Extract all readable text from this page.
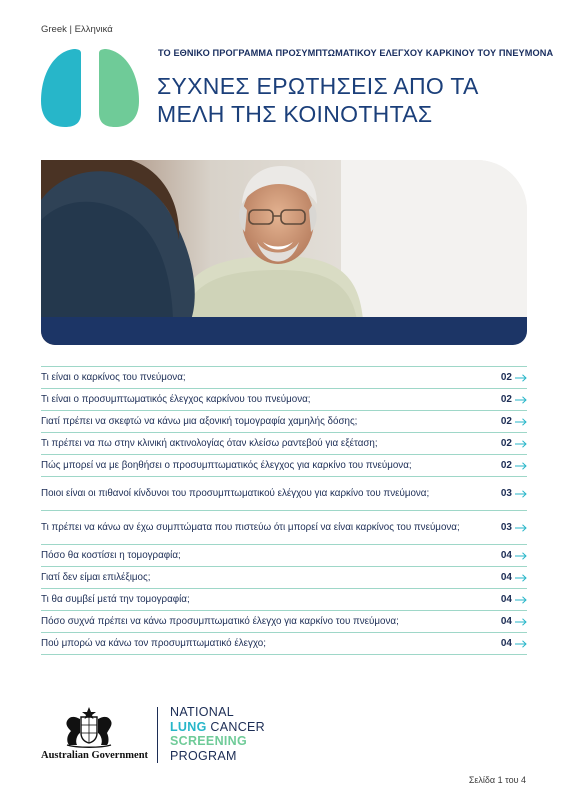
Greek | Ελληνικά
ΤΟ ΕΘΝΙΚΟ ΠΡΟΓΡΑΜΜΑ ΠΡΟΣΥΜΠΤΩΜΑΤΙΚΟΥ ΕΛΕΓΧΟΥ ΚΑΡΚΙΝΟΥ ΤΟΥ ΠΝΕΥΜΟΝΑ
ΣΥΧΝΕΣ ΕΡΩΤΗΣΕΙΣ ΑΠΟ ΤΑ
ΜΕΛΗ ΤΗΣ ΚΟΙΝΟΤΗΤΑΣ
Τι είναι ο καρκίνος του πνεύμονα;	02
Τι είναι ο προσυμπτωματικός έλεγχος καρκίνου του πνεύμονα;	02
Γιατί πρέπει να σκεφτώ να κάνω μια αξονική τομογραφία χαμηλής δόσης;	02
Τι πρέπει να πω στην κλινική ακτινολογίας όταν κλείσω ραντεβού για εξέταση;	02
Πώς μπορεί να με βοηθήσει ο προσυμπτωματικός έλεγχος για καρκίνο του πνεύμονα;	02
Ποιοι είναι οι πιθανοί κίνδυνοι του προσυμπτωματικού ελέγχου για καρκίνο του πνεύμονα;	03
Τι πρέπει να κάνω αν έχω συμπτώματα που πιστεύω ότι μπορεί να είναι καρκίνος του πνεύμονα;	03
Πόσο θα κοστίσει η τομογραφία;	04
Γιατί δεν είμαι επιλέξιμος;	04
Τι θα συμβεί μετά την τομογραφία;	04
Πόσο συχνά πρέπει να κάνω προσυμπτωματικό έλεγχο για καρκίνο του πνεύμονα;	04
Πού μπορώ να κάνω τον προσυμπτωματικό έλεγχο;	04
Australian Government
NATIONAL
LUNG CANCER
SCREENING
PROGRAM
Σελίδα 1 του 4
